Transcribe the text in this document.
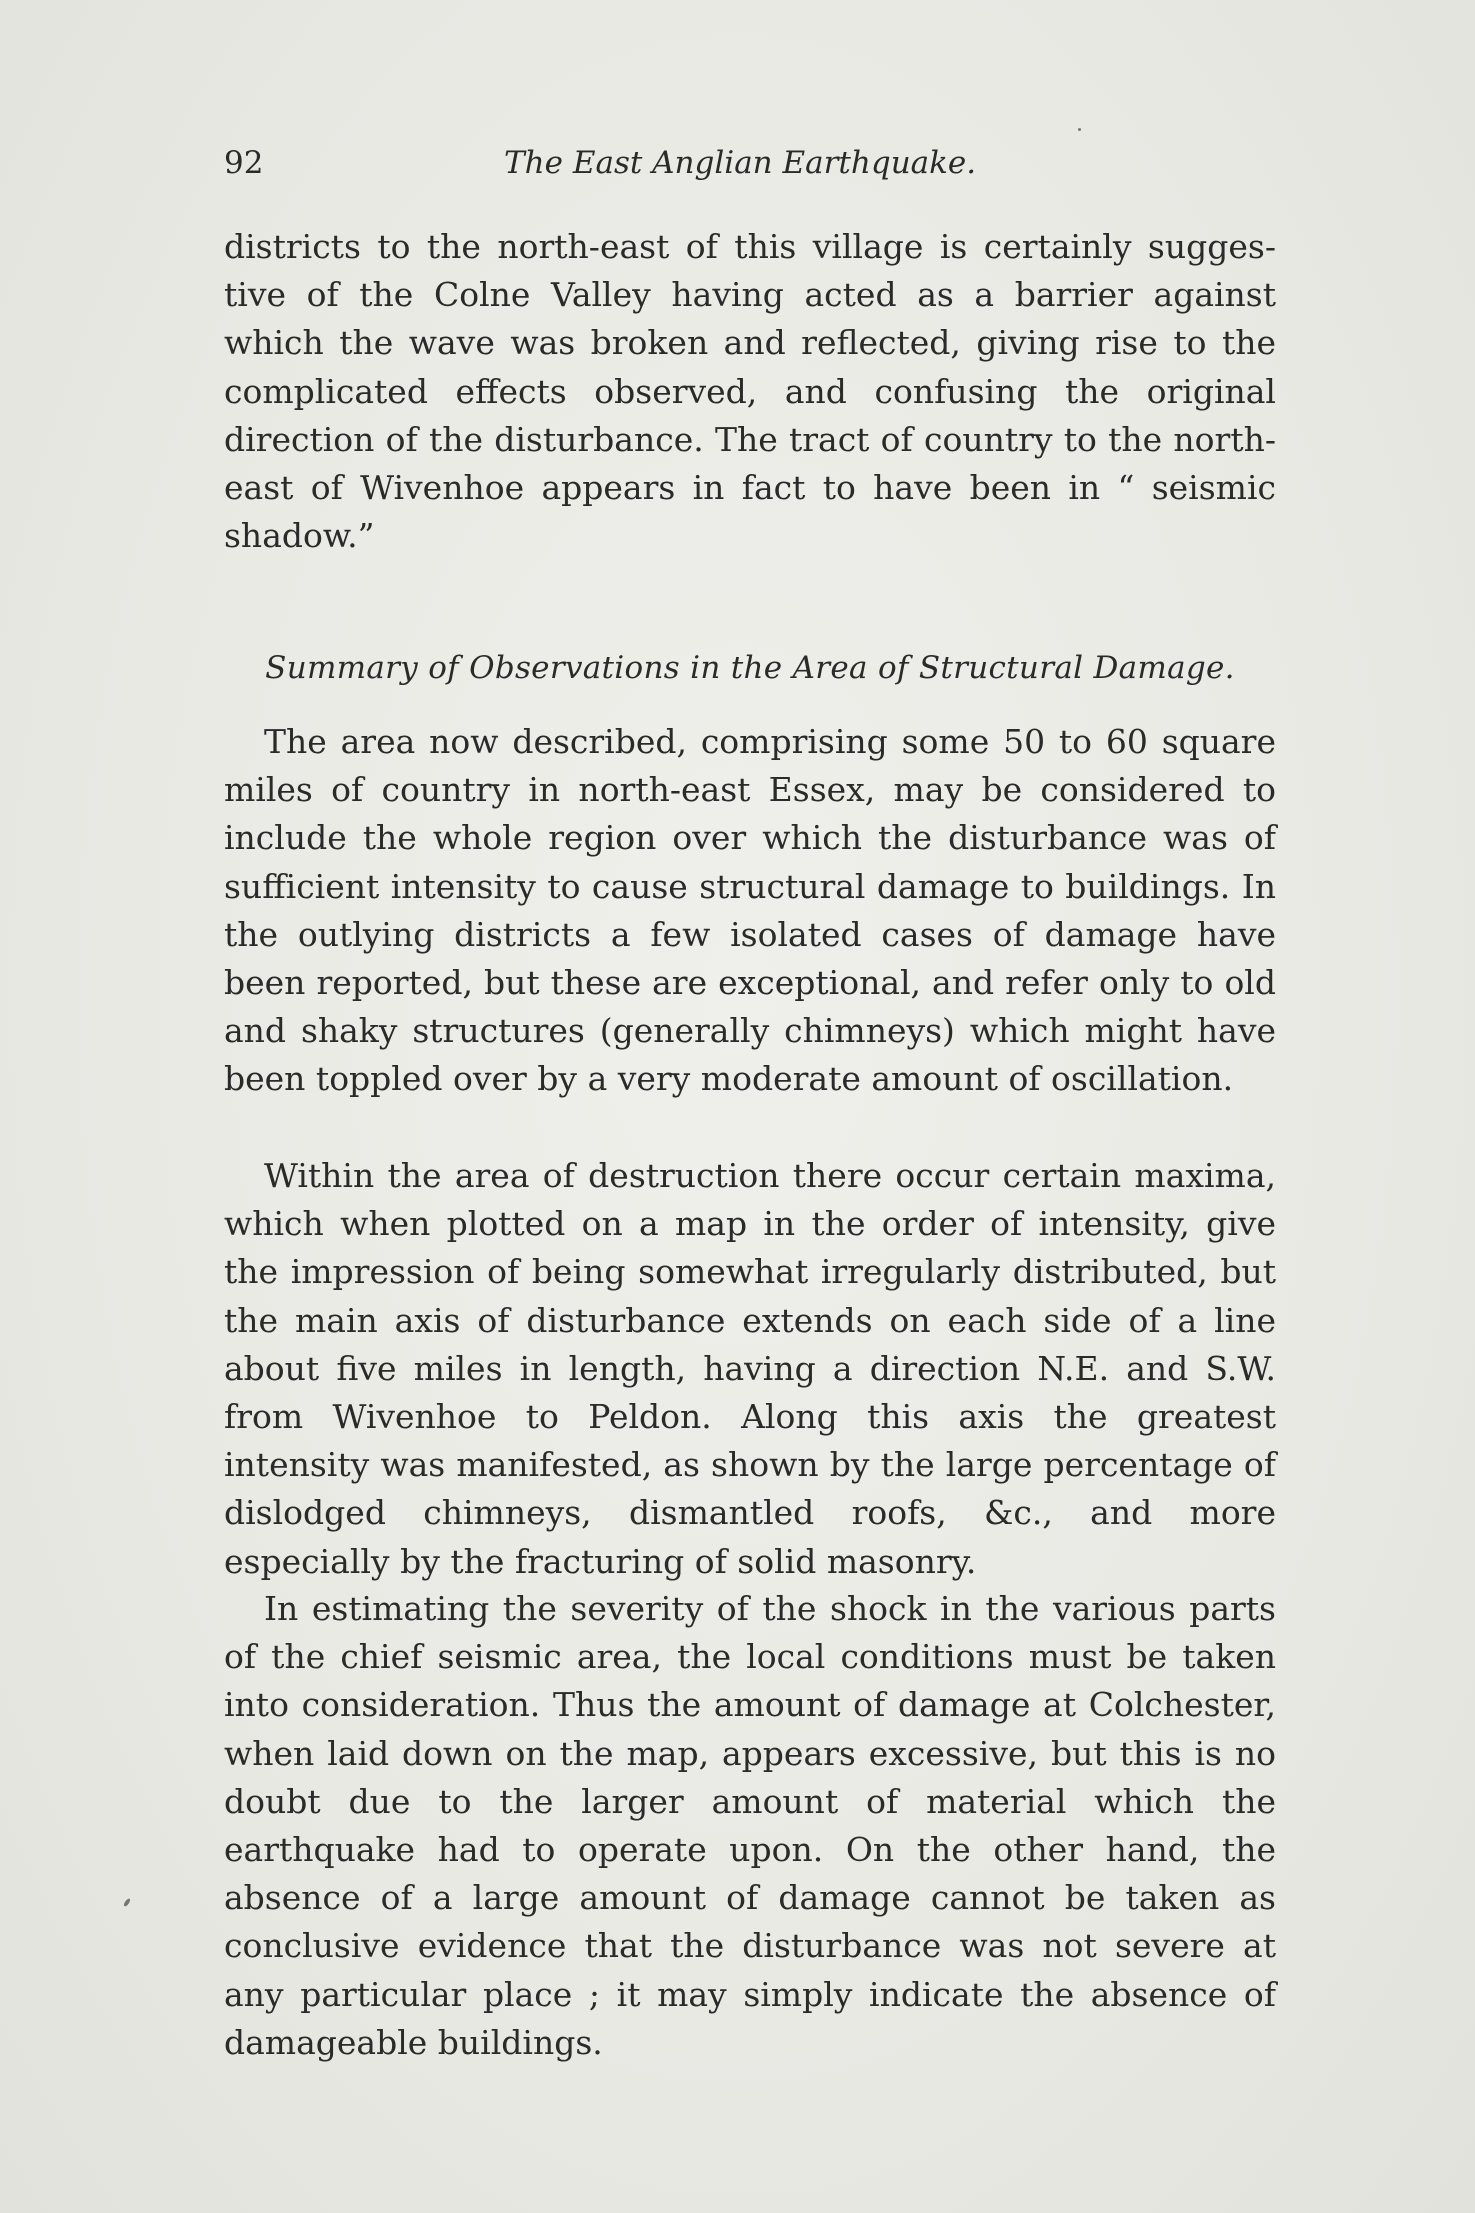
92	The East Anglian Earthquake.

districts to the north-east of this village is certainly sugges- tive of the Colne Valley having acted as a barrier against which the wave was broken and reflected, giving rise to the complicated effects observed, and confusing the original direction of the disturbance. The tract of country to the north-east of Wivenhoe appears in fact to have been in “ seismic shadow.”

Summary of Observations in the Area of Structural Damage.

The area now described, comprising some 50 to 60 square miles of country in north-east Essex, may be considered to include the whole region over which the disturbance was of sufficient intensity to cause structural damage to buildings. In the outlying districts a few isolated cases of damage have been reported, but these are exceptional, and refer only to old and shaky structures (generally chimneys) which might have been toppled over by a very moderate amount of oscillation.

Within the area of destruction there occur certain maxima, which when plotted on a map in the order of intensity, give the impression of being somewhat irregularly distributed, but the main axis of disturbance extends on each side of a line about five miles in length, having a direction N.E. and S.W. from Wivenhoe to Peldon. Along this axis the greatest intensity was manifested, as shown by the large percentage of dislodged chimneys, dismantled roofs, &c., and more especially by the fracturing of solid masonry.

In estimating the severity of the shock in the various parts of the chief seismic area, the local conditions must be taken into consideration. Thus the amount of damage at Colchester, when laid down on the map, appears excessive, but this is no doubt due to the larger amount of material which the earthquake had to operate upon. On the other hand, the absence of a large amount of damage cannot be taken as conclusive evidence that the disturbance was not severe at any particular place ; it may simply indicate the absence of damageable buildings.
